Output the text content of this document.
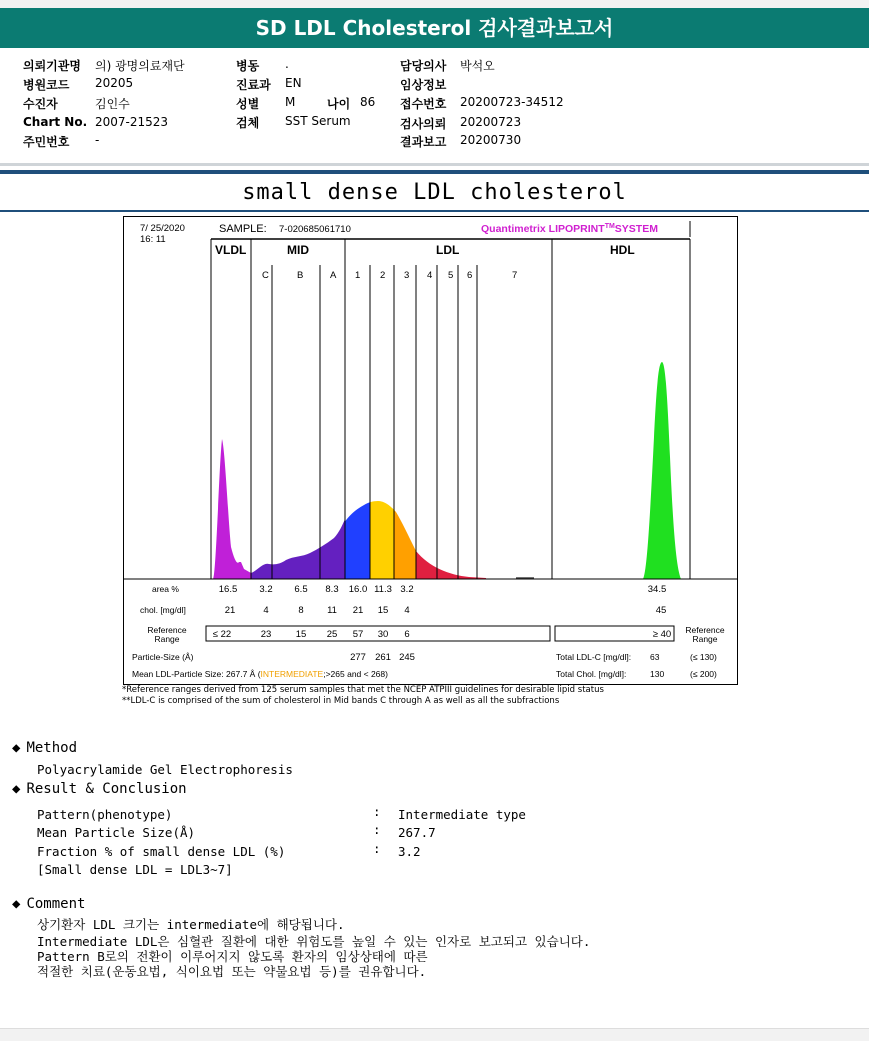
SD LDL Cholesterol 검사결과보고서
의뢰기관명 의) 광명의료재단
병원코드 20205
수진자	김인수
Chart No. 2007-21523
주민번호 -
병동 .
진료과 EN
성별 M	나이 86
검체 SST Serum
담당의사 박석오
임상정보
접수번호 20200723-34512
검사의뢰 20200723
결과보고 20200730
small dense LDL cholesterol
7/ 25/2020
16: 11
SAMPLE: 7-020685061710	Quantimetrix LIPOPRINT™SYSTEM
VLDL	MID	LDL	HDL
C	B	A 1 2 3 4 5 6	7
area %	16.5 3.2 6.5 8.3 16.0 11.3 3.2	34.5
chol. [mg/dl]	21	4	8 11 21 15 4	45
Reference
Range	≤ 22	23	15 25 57 30 6	≥ 40 Reference
Range
Particle-Size (Å)	277 261 245	Total LDL-C [mg/dl]: 63	(≤ 130)
Mean LDL-Particle Size: 267.7 Å (INTERMEDIATE;>265 and < 268)	Total Chol. [mg/dl]:	130	(≤ 200)
*Reference ranges derived from 125 serum samples that met the NCEP ATPIII guidelines for desirable lipid status
**LDL-C is comprised of the sum of cholesterol in Mid bands C through A as well as all the subfractions
◆ Method
Polyacrylamide Gel Electrophoresis
◆ Result & Conclusion
Pattern(phenotype)	: Intermediate type
Mean Particle Size(Å)	: 267.7
Fraction % of small dense LDL (%)	: 3.2
[Small dense LDL = LDL3~7]
◆ Comment
상기환자 LDL 크기는 intermediate에 해당됩니다.
Intermediate LDL은 심혈관 질환에 대한 위험도를 높일 수 있는 인자로 보고되고 있습니다.
Pattern B로의 전환이 이루어지지 않도록 환자의 임상상태에 따른
적절한 치료(운동요법, 식이요법 또는 약물요법 등)를 권유합니다.
